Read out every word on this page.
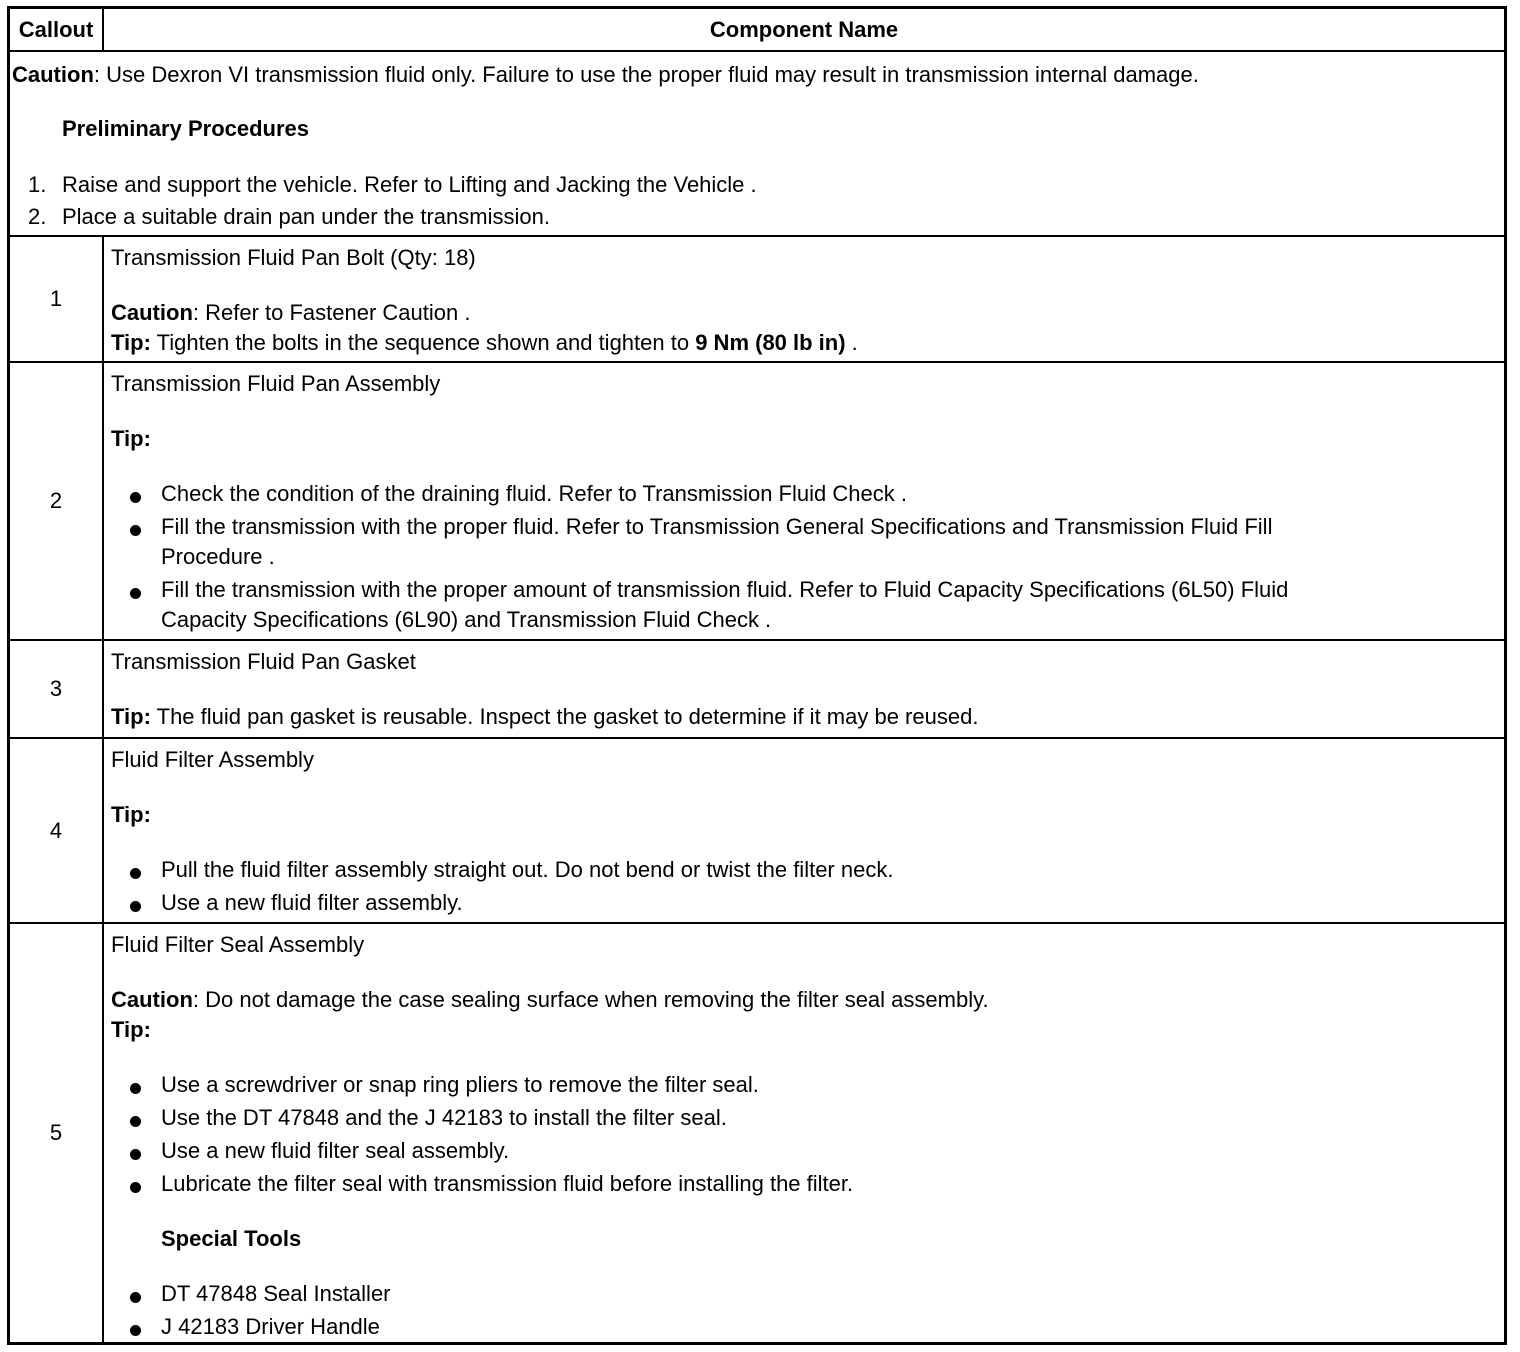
Callout	Component Name
Caution: Use Dexron VI transmission fluid only. Failure to use the proper fluid may result in transmission internal damage.
Preliminary Procedures
1. Raise and support the vehicle. Refer to Lifting and Jacking the Vehicle .
2. Place a suitable drain pan under the transmission.
1
Transmission Fluid Pan Bolt (Qty: 18)
Caution: Refer to Fastener Caution .
Tip: Tighten the bolts in the sequence shown and tighten to 9 Nm (80 lb in) .
2
Transmission Fluid Pan Assembly
Tip:
Check the condition of the draining fluid. Refer to Transmission Fluid Check .
Fill the transmission with the proper fluid. Refer to Transmission General Specifications and Transmission Fluid Fill
Procedure .
Fill the transmission with the proper amount of transmission fluid. Refer to Fluid Capacity Specifications (6L50) Fluid
Capacity Specifications (6L90) and Transmission Fluid Check .
3
Transmission Fluid Pan Gasket
Tip: The fluid pan gasket is reusable. Inspect the gasket to determine if it may be reused.
4
Fluid Filter Assembly
Tip:
Pull the fluid filter assembly straight out. Do not bend or twist the filter neck.
Use a new fluid filter assembly.
5
Fluid Filter Seal Assembly
Caution: Do not damage the case sealing surface when removing the filter seal assembly.
Tip:
Use a screwdriver or snap ring pliers to remove the filter seal.
Use the DT 47848 and the J 42183 to install the filter seal.
Use a new fluid filter seal assembly.
Lubricate the filter seal with transmission fluid before installing the filter.
Special Tools
DT 47848 Seal Installer
J 42183 Driver Handle
